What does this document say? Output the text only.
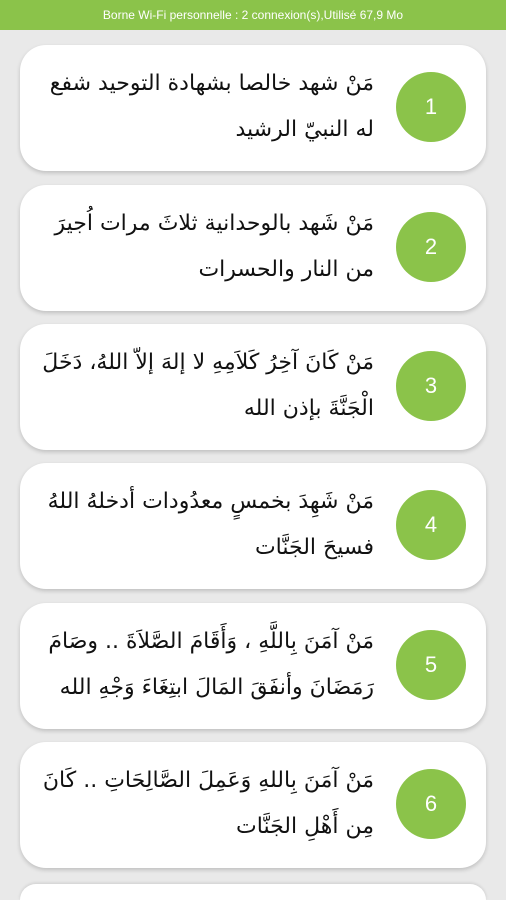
Borne Wi-Fi personnelle : 2 connexion(s),Utilisé 67,9 Mo
1
مَنْ شهد خالصا بشهادة التوحيد شفع له النبيّ الرشيد
2
مَنْ شَهد بالوحدانية ثلاثَ مرات اُجيرَ من النار والحسرات
3
مَنْ كَانَ آخِرُ كَلاَمِهِ لا إلهَ إلاّ اللهُ، دَخَلَ الْجَنَّةَ بإذن الله
4
مَنْ شَهِدَ بخمسٍ معدُودات أدخلهُ اللهُ فسيحَ الجَنَّات
5
مَنْ آمَنَ بِاللَّهِ ، وَأَقَامَ الصَّلاَةَ .. وصَامَ رَمَضَانَ وأنفَقَ المَالَ ابتِغَاءَ وَجْهِ الله
6
مَنْ آمَنَ بِاللهِ وَعَمِلَ الصَّالِحَاتِ .. كَانَ مِن أَهْلِ الجَنَّات
